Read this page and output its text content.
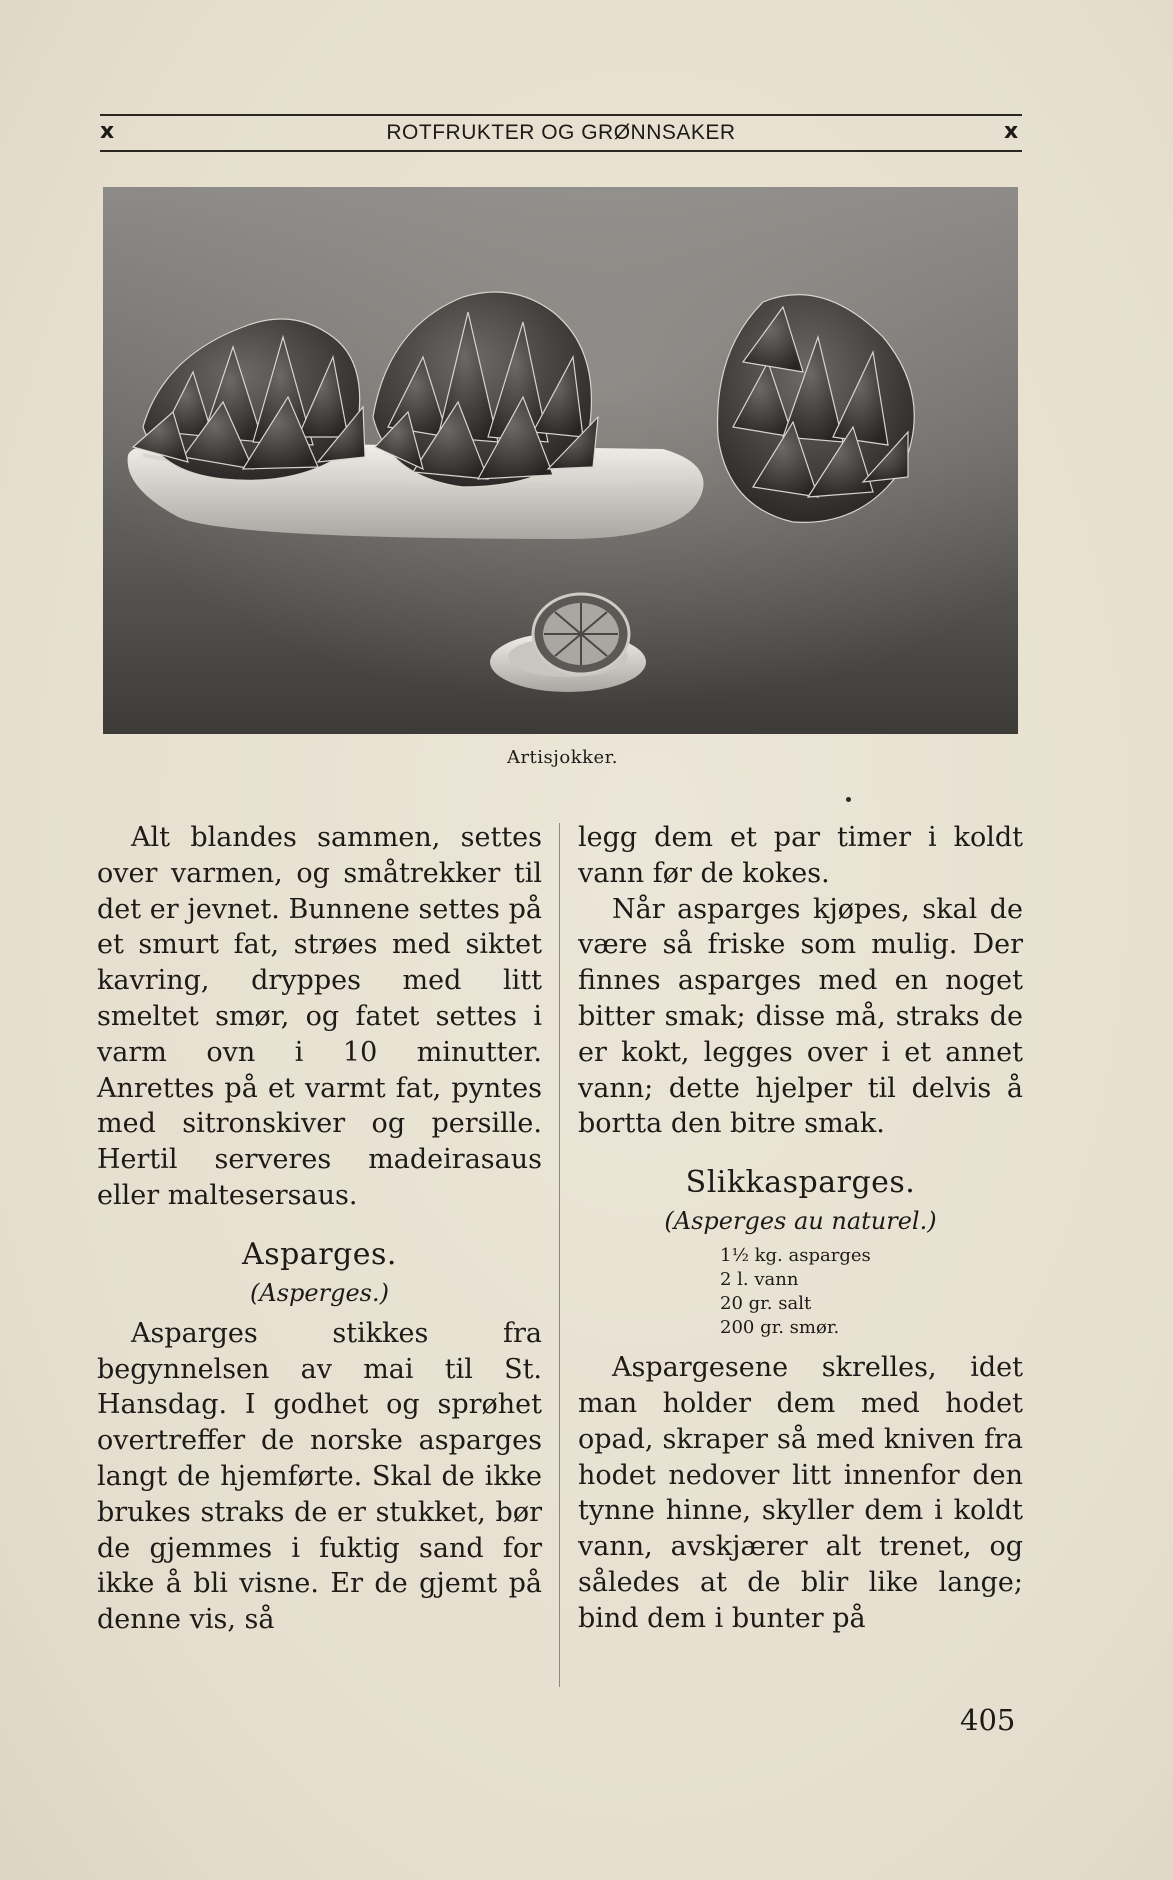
x	ROTFRUKTER OG GRØNNSAKER	x
Artisjokker.

Alt blandes sammen, settes over varmen, og småtrekker til det er jevnet. Bunnene settes på et smurt fat, strøes med siktet kavring, dryppes med litt smeltet smør, og fatet settes i varm ovn i 10 minutter. Anrettes på et varmt fat, pyntes med sitronskiver og persille. Hertil serveres madeirasaus eller maltesersaus.

Asparges.
(Asperges.)

Asparges stikkes fra begynnelsen av mai til St. Hansdag. I godhet og sprøhet overtreffer de norske asparges langt de hjemførte. Skal de ikke brukes straks de er stukket, bør de gjemmes i fuktig sand for ikke å bli visne. Er de gjemt på denne vis, så

legg dem et par timer i koldt vann før de kokes.

Når asparges kjøpes, skal de være så friske som mulig. Der finnes asparges med en noget bitter smak; disse må, straks de er kokt, legges over i et annet vann; dette hjelper til delvis å bortta den bitre smak.

Slikkasparges.
(Asperges au naturel.)
1½ kg. asparges
2 l. vann
20 gr. salt
200 gr. smør.

Aspargesene skrelles, idet man holder dem med hodet opad, skraper så med kniven fra hodet nedover litt innenfor den tynne hinne, skyller dem i koldt vann, avskjærer alt trenet, og således at de blir like lange; bind dem i bunter på

405
